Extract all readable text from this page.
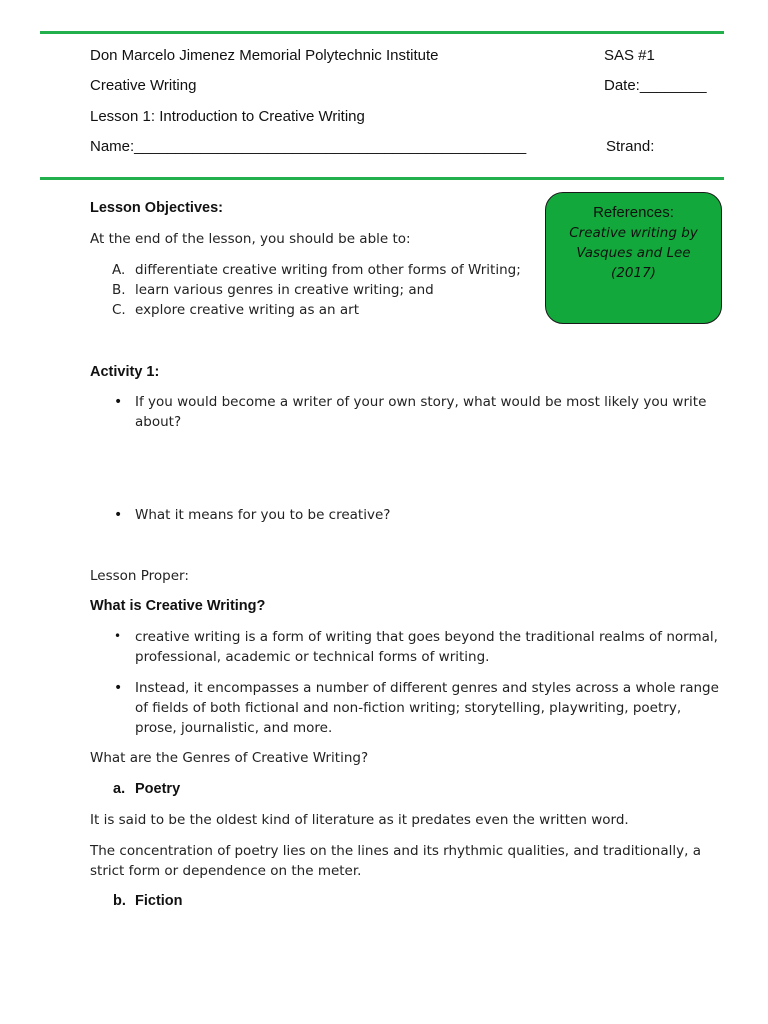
Don Marcelo Jimenez Memorial Polytechnic Institute	SAS #1
Creative Writing	Date:________
Lesson 1: Introduction to Creative Writing
Name:_______________________________________________	Strand:
References:
Creative writing by Vasques and Lee (2017)
Lesson Objectives:
At the end of the lesson, you should be able to:
A. differentiate creative writing from other forms of Writing;
B. learn various genres in creative writing; and
C. explore creative writing as an art
Activity 1:
• If you would become a writer of your own story, what would be most likely you write
about?
• What it means for you to be creative?
Lesson Proper:
What is Creative Writing?
• creative writing is a form of writing that goes beyond the traditional realms of normal,
professional, academic or technical forms of writing.
• Instead, it encompasses a number of different genres and styles across a whole range
of fields of both fictional and non-fiction writing; storytelling, playwriting, poetry,
prose, journalistic, and more.
What are the Genres of Creative Writing?
a. Poetry
It is said to be the oldest kind of literature as it predates even the written word.
The concentration of poetry lies on the lines and its rhythmic qualities, and traditionally, a
strict form or dependence on the meter.
b. Fiction
